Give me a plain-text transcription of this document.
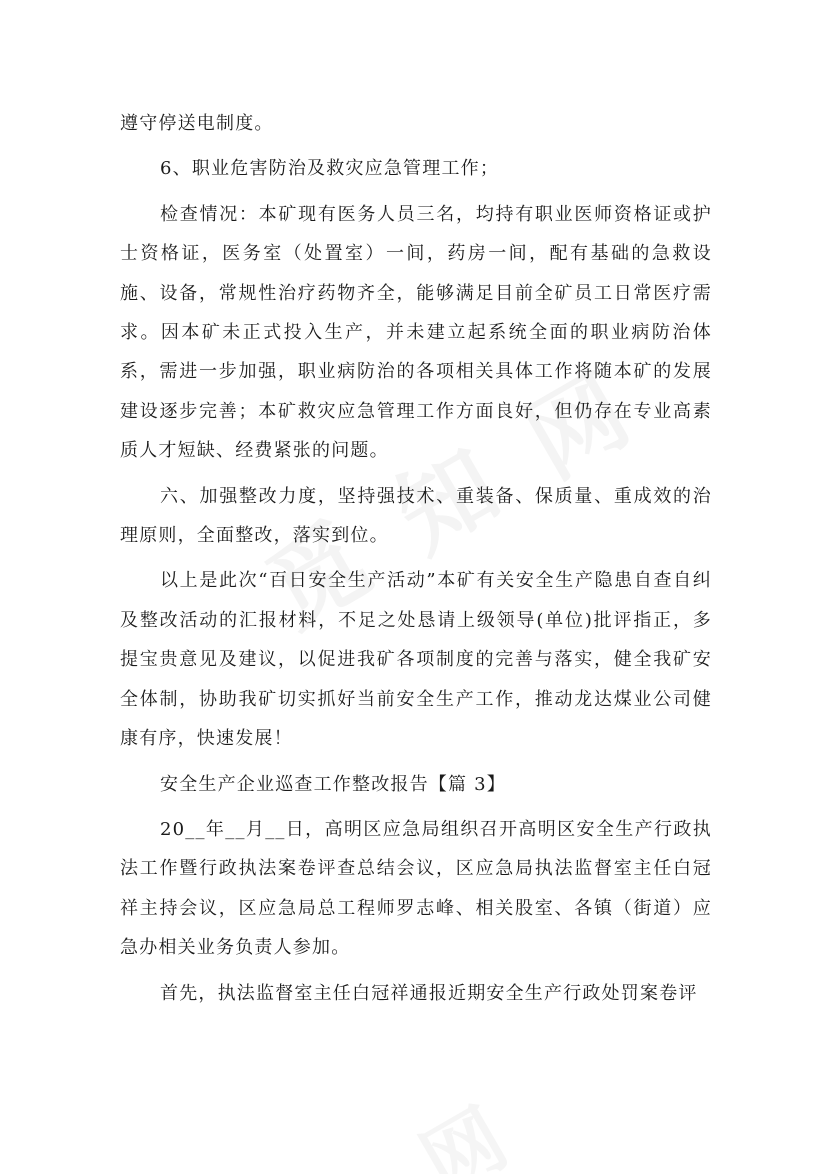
遵守停送电制度。

6、职业危害防治及救灾应急管理工作；

检查情况：本矿现有医务人员三名，均持有职业医师资格证或护士资格证，医务室（处置室）一间，药房一间，配有基础的急救设施、设备，常规性治疗药物齐全，能够满足目前全矿员工日常医疗需求。因本矿未正式投入生产，并未建立起系统全面的职业病防治体系，需进一步加强，职业病防治的各项相关具体工作将随本矿的发展建设逐步完善；本矿救灾应急管理工作方面良好，但仍存在专业高素质人才短缺、经费紧张的问题。

六、加强整改力度，坚持强技术、重装备、保质量、重成效的治理原则，全面整改，落实到位。

以上是此次“百日安全生产活动”本矿有关安全生产隐患自查自纠及整改活动的汇报材料，不足之处恳请上级领导(单位)批评指正，多提宝贵意见及建议，以促进我矿各项制度的完善与落实，健全我矿安全体制，协助我矿切实抓好当前安全生产工作，推动龙达煤业公司健康有序，快速发展！

安全生产企业巡查工作整改报告【篇 3】

20__年__月__日，高明区应急局组织召开高明区安全生产行政执法工作暨行政执法案卷评查总结会议，区应急局执法监督室主任白冠祥主持会议，区应急局总工程师罗志峰、相关股室、各镇（街道）应急办相关业务负责人参加。

首先，执法监督室主任白冠祥通报近期安全生产行政处罚案卷评
